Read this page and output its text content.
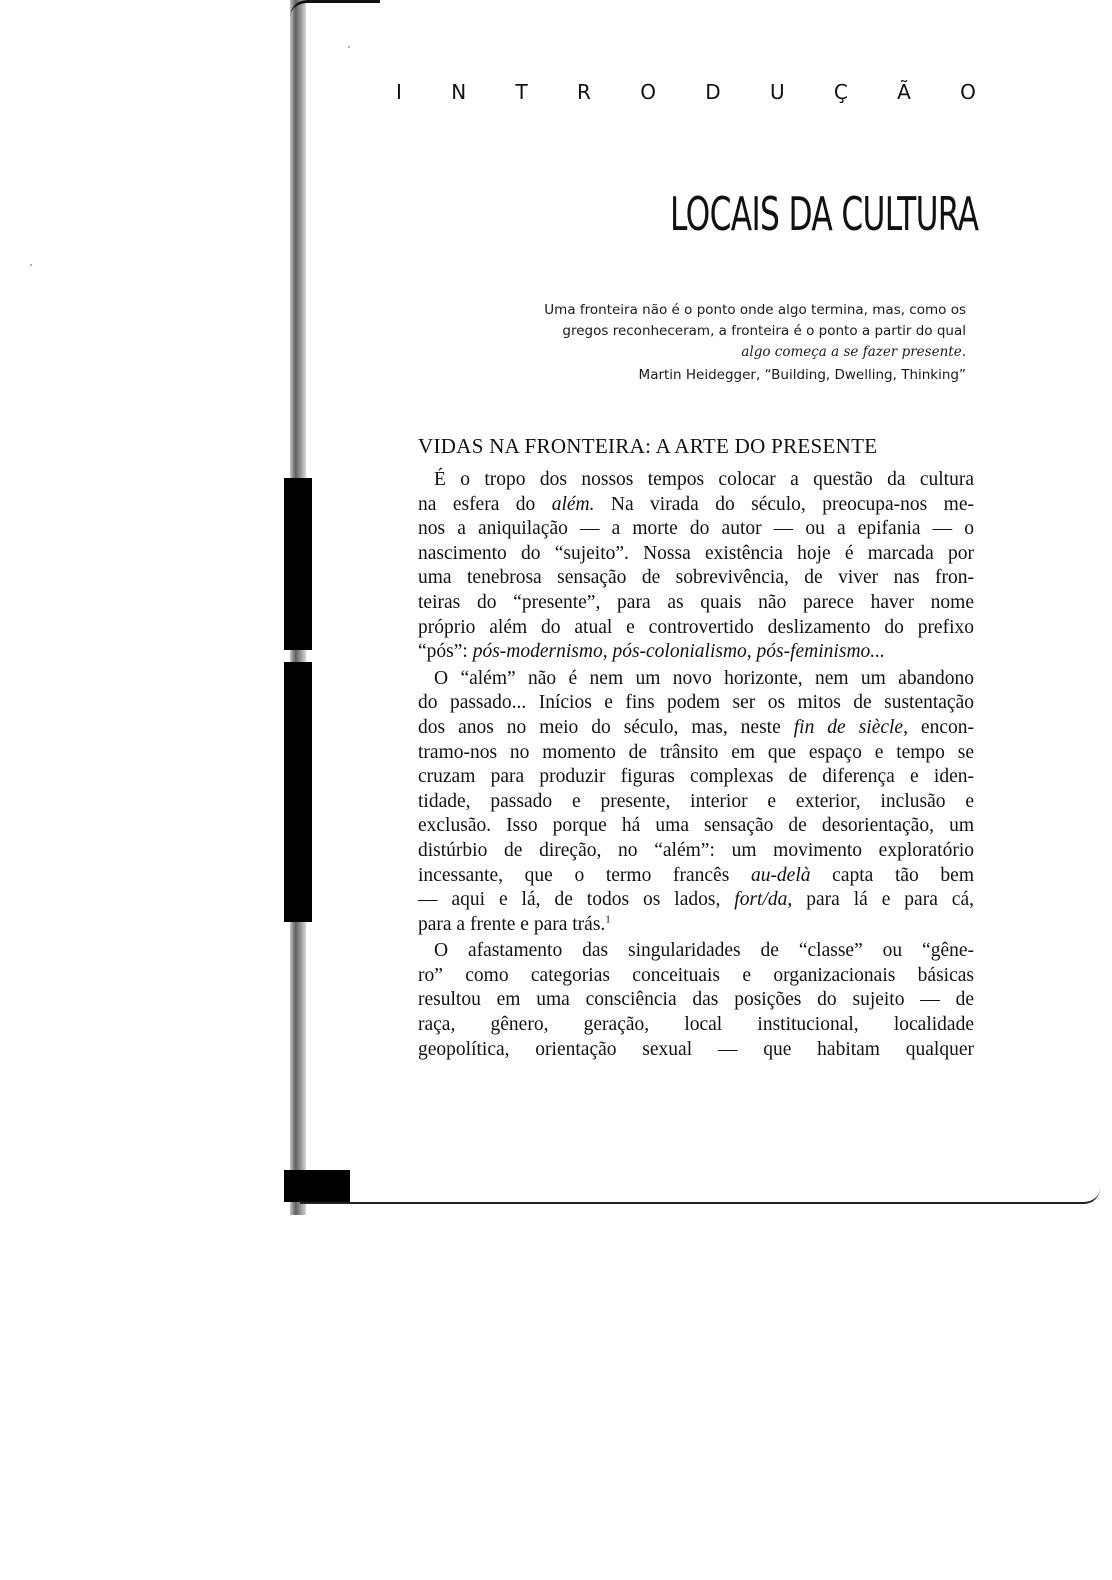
I N T R O D U Ç Ã O
LOCAIS DA CULTURA

Uma fronteira não é o ponto onde algo termina, mas, como os

gregos reconheceram, a fronteira é o ponto a partir do qual

algo começa a se fazer presente.

Martin Heidegger, “Building, Dwelling, Thinking”

VIDAS NA FRONTEIRA: A ARTE DO PRESENTE
É o tropo dos nossos tempos colocar a questão da cultura
na esfera do além. Na virada do século, preocupa-nos me-
nos a aniquilação — a morte do autor — ou a epifania — o
nascimento do “sujeito”. Nossa existência hoje é marcada por
uma tenebrosa sensação de sobrevivência, de viver nas fron-
teiras do “presente”, para as quais não parece haver nome
próprio além do atual e controvertido deslizamento do prefixo
“pós”: pós-modernismo, pós-colonialismo, pós-feminismo...
O “além” não é nem um novo horizonte, nem um abandono
do passado... Inícios e fins podem ser os mitos de sustentação
dos anos no meio do século, mas, neste fin de siècle, encon-
tramo-nos no momento de trânsito em que espaço e tempo se
cruzam para produzir figuras complexas de diferença e iden-
tidade, passado e presente, interior e exterior, inclusão e
exclusão. Isso porque há uma sensação de desorientação, um
distúrbio de direção, no “além”: um movimento exploratório
incessante, que o termo francês au-delà capta tão bem
— aqui e lá, de todos os lados, fort/da, para lá e para cá,
para a frente e para trás.$^1$
O afastamento das singularidades de “classe” ou “gêne-
ro” como categorias conceituais e organizacionais básicas
resultou em uma consciência das posições do sujeito — de
raça, gênero, geração, local institucional, localidade
geopolítica, orientação sexual — que habitam qualquer
